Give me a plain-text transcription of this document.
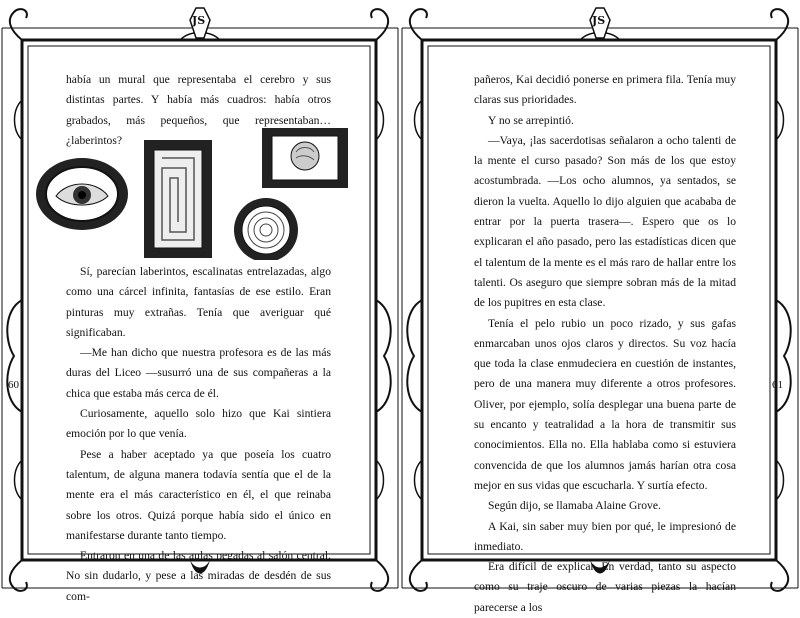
JS

había un mural que representaba el cerebro y sus distintas partes. Y había más cuadros: había otros grabados, más pequeños, que representaban… ¿laberintos?

Sí, parecían laberintos, escalinatas entrelazadas, algo como una cárcel infinita, fantasías de ese estilo. Eran pinturas muy extrañas. Tenía que averiguar qué significaban.

—Me han dicho que nuestra profesora es de las más duras del Liceo —susurró una de sus compañeras a la chica que estaba más cerca de él.

Curiosamente, aquello solo hizo que Kai sintiera emoción por lo que venía.

Pese a haber aceptado ya que poseía los cuatro talentum, de alguna manera todavía sentía que el de la mente era el más característico en él, el que reinaba sobre los otros. Quizá porque había sido el único en manifestarse durante tanto tiempo.

Entraron en una de las aulas pegadas al salón central. No sin dudarlo, y pese a las miradas de desdén de sus com-

60
JS

pañeros, Kai decidió ponerse en primera fila. Tenía muy claras sus prioridades.

Y no se arrepintió.

—Vaya, ¡las sacerdotisas señalaron a ocho talenti de la mente el curso pasado? Son más de los que estoy acostumbrada. —Los ocho alumnos, ya sentados, se dieron la vuelta. Aquello lo dijo alguien que acababa de entrar por la puerta trasera—. Espero que os lo explicaran el año pasado, pero las estadísticas dicen que el talentum de la mente es el más raro de hallar entre los talenti. Os aseguro que siempre sobran más de la mitad de los pupitres en esta clase.

Tenía el pelo rubio un poco rizado, y sus gafas enmarcaban unos ojos claros y directos. Su voz hacía que toda la clase enmudeciera en cuestión de instantes, pero de una manera muy diferente a otros profesores. Oliver, por ejemplo, solía desplegar una buena parte de su encanto y teatralidad a la hora de transmitir sus conocimientos. Ella no. Ella hablaba como si estuviera convencida de que los alumnos jamás harían otra cosa mejor en sus vidas que escucharla. Y surtía efecto.

Según dijo, se llamaba Alaine Grove.

A Kai, sin saber muy bien por qué, le impresionó de inmediato.

Era difícil de explicar. En verdad, tanto su aspecto como su traje oscuro de varias piezas la hacían parecerse a los

61
